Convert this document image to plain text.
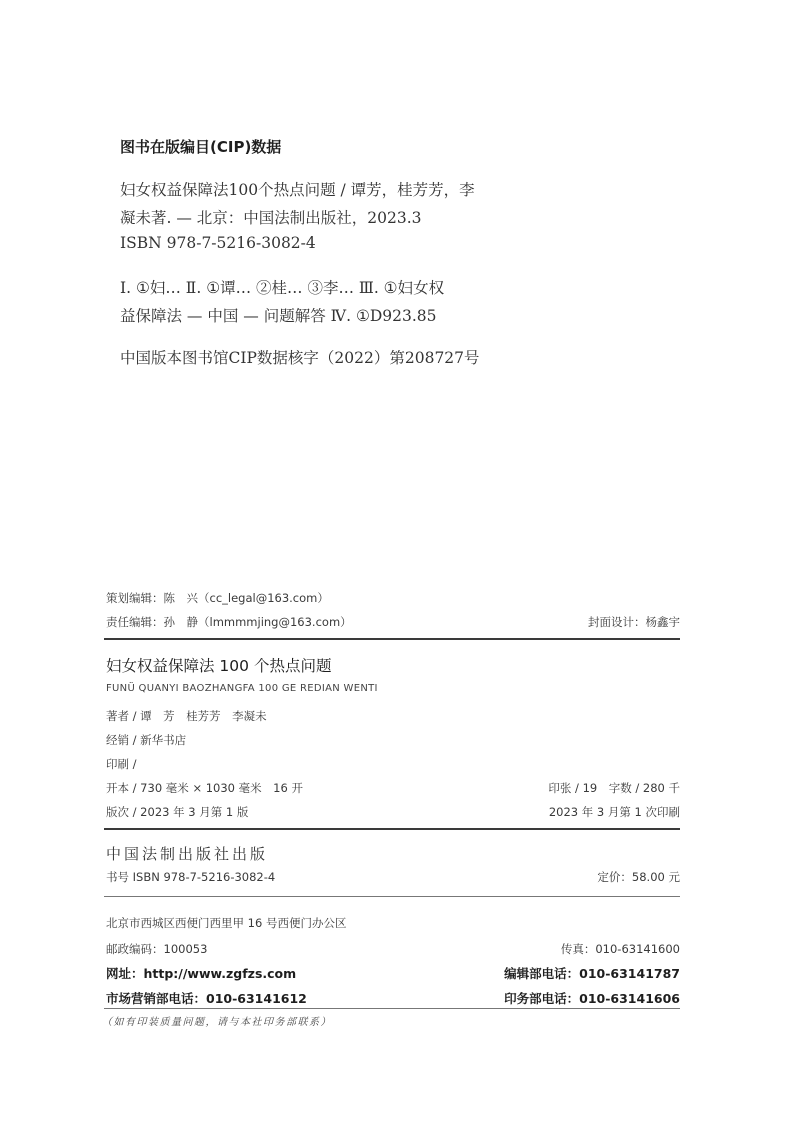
图书在版编目(CIP)数据
妇女权益保障法100个热点问题 / 谭芳，桂芳芳，李
凝未著. — 北京：中国法制出版社，2023.3
ISBN 978-7-5216-3082-4
Ⅰ. ①妇… Ⅱ. ①谭… ②桂… ③李… Ⅲ. ①妇女权
益保障法 — 中国 — 问题解答 Ⅳ. ①D923.85
中国版本图书馆CIP数据核字（2022）第208727号
策划编辑：陈　兴（cc_legal@163.com）
责任编辑：孙　静（lmmmmjing@163.com）	封面设计：杨鑫宇
妇女权益保障法 100 个热点问题
FUNÜ QUANYI BAOZHANGFA 100 GE REDIAN WENTI
著者 / 谭　芳　桂芳芳　李凝未
经销 / 新华书店
印刷 /
开本 / 730 毫米 × 1030 毫米　16 开	印张 / 19　字数 / 280 千
版次 / 2023 年 3 月第 1 版	2023 年 3 月第 1 次印刷
中国法制出版社出版
书号 ISBN 978-7-5216-3082-4	定价：58.00 元
北京市西城区西便门西里甲 16 号西便门办公区
邮政编码：100053	传真：010-63141600
网址：http://www.zgfzs.com	编辑部电话：010-63141787
市场营销部电话：010-63141612	印务部电话：010-63141606
（如有印装质量问题，请与本社印务部联系）
